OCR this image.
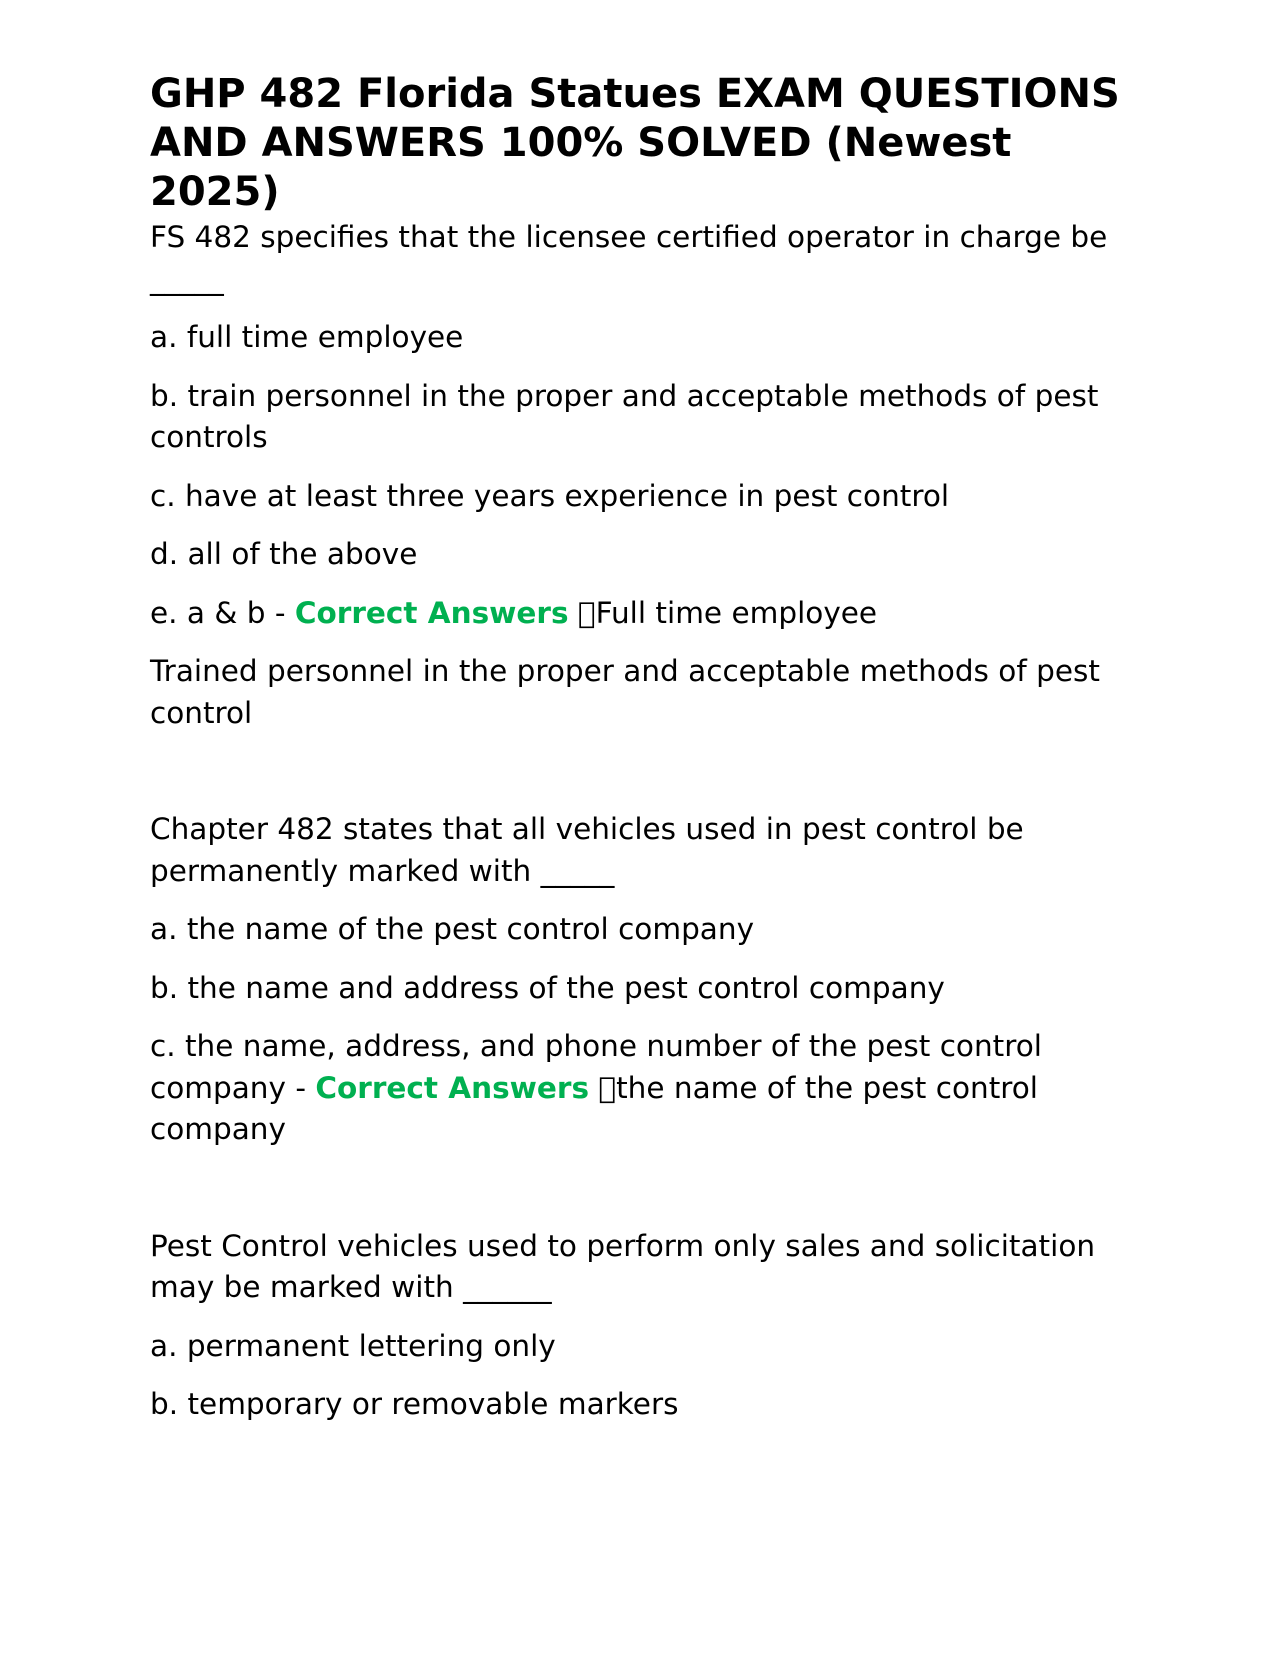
GHP 482 Florida Statues EXAM QUESTIONS AND ANSWERS 100% SOLVED (Newest 2025)

FS 482 specifies that the licensee certified operator in charge be _____

a. full time employee

b. train personnel in the proper and acceptable methods of pest controls

c. have at least three years experience in pest control

d. all of the above

e. a & b - Correct Answers Full time employee

Trained personnel in the proper and acceptable methods of pest control

Chapter 482 states that all vehicles used in pest control be permanently marked with _____

a. the name of the pest control company

b. the name and address of the pest control company

c. the name, address, and phone number of the pest control company - Correct Answers the name of the pest control company

Pest Control vehicles used to perform only sales and solicitation may be marked with ______

a. permanent lettering only

b. temporary or removable markers
